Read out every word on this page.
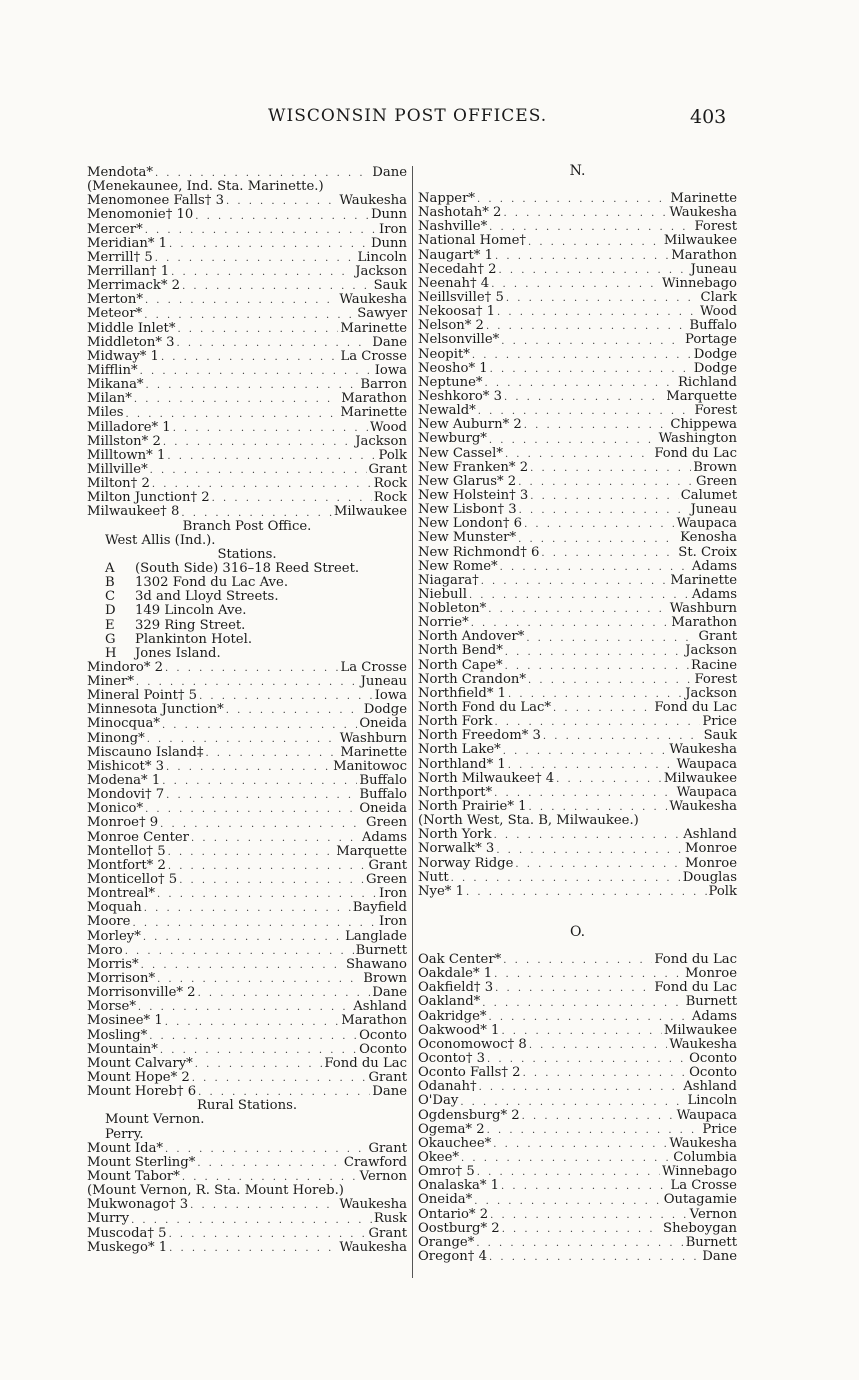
WISCONSIN POST OFFICES.	403
Mendota* . . .	Dane
(Menekaunee, Ind. Sta. Marinette.)
Menomonee Falls† 3 . . .	Waukesha
Menomonie† 10 . . .	Dunn
Mercer* . . .	Iron
Meridian* 1 . . .	Dunn
Merrill† 5 . . .	Lincoln
Merrillan† 1 . . .	Jackson
Merrimack* 2 . . .	Sauk
Merton* . . .	Waukesha
Meteor* . . .	Sawyer
Middle Inlet* . . .	Marinette
Middleton* 3 . . .	Dane
Midway* 1 . . .	La Crosse
Mifflin* . . .	Iowa
Mikana* . . .	Barron
Milan* . . .	Marathon
Miles . . .	Marinette
Milladore* 1 . . .	Wood
Millston* 2 . . .	Jackson
Milltown* 1 . . .	Polk
Millville* . . .	Grant
Milton† 2 . . .	Rock
Milton Junction† 2 . . .	Rock
Milwaukee† 8 . . .	Milwaukee
Branch Post Office.
West Allis (Ind.).
Stations.
A	(South Side) 316–18 Reed Street.
B	1302 Fond du Lac Ave.
C	3d and Lloyd Streets.
D	149 Lincoln Ave.
E	329 Ring Street.
G	Plankinton Hotel.
H	Jones Island.
Mindoro* 2 . . .	La Crosse
Miner* . . .	Juneau
Mineral Point† 5 . . .	Iowa
Minnesota Junction* . . .	Dodge
Minocqua* . . .	Oneida
Minong* . . .	Washburn
Miscauno Island‡ . . .	Marinette
Mishicot* 3 . . .	Manitowoc
Modena* 1 . . .	Buffalo
Mondovi† 7 . . .	Buffalo
Monico* . . .	Oneida
Monroe† 9 . . .	Green
Monroe Center . . .	Adams
Montello† 5 . . .	Marquette
Montfort* 2 . . .	Grant
Monticello† 5 . . .	Green
Montreal* . . .	Iron
Moquah . . .	Bayfield
Moore . . .	Iron
Morley* . . .	Langlade
Moro . . .	Burnett
Morris* . . .	Shawano
Morrison* . . .	Brown
Morrisonville* 2 . . .	Dane
Morse* . . .	Ashland
Mosinee* 1 . . .	Marathon
Mosling* . . .	Oconto
Mountain* . . .	Oconto
Mount Calvary* . . .	Fond du Lac
Mount Hope* 2 . . .	Grant
Mount Horeb† 6 . . .	Dane
Rural Stations.
Mount Vernon.
Perry.
Mount Ida* . . .	Grant
Mount Sterling* . . .	Crawford
Mount Tabor* . . .	Vernon
(Mount Vernon, R. Sta. Mount Horeb.)
Mukwonago† 3 . . .	Waukesha
Murry . . .	Rusk
Muscoda† 5 . . .	Grant
Muskego* 1 . . .	Waukesha
N.
Napper* . . .	Marinette
Nashotah* 2 . . .	Waukesha
Nashville* . . .	Forest
National Home† . . .	Milwaukee
Naugart* 1 . . .	Marathon
Necedah† 2 . . .	Juneau
Neenah† 4 . . .	Winnebago
Neillsville† 5 . . .	Clark
Nekoosa† 1 . . .	Wood
Nelson* 2 . . .	Buffalo
Nelsonville* . . .	Portage
Neopit* . . .	Dodge
Neosho* 1 . . .	Dodge
Neptune* . . .	Richland
Neshkoro* 3 . . .	Marquette
Newald* . . .	Forest
New Auburn* 2 . . .	Chippewa
Newburg* . . .	Washington
New Cassel* . . .	Fond du Lac
New Franken* 2 . . .	Brown
New Glarus* 2 . . .	Green
New Holstein† 3 . . .	Calumet
New Lisbon† 3 . . .	Juneau
New London† 6 . . .	Waupaca
New Munster* . . .	Kenosha
New Richmond† 6 . . .	St. Croix
New Rome* . . .	Adams
Niagara† . . .	Marinette
Niebull . . .	Adams
Nobleton* . . .	Washburn
Norrie* . . .	Marathon
North Andover* . . .	Grant
North Bend* . . .	Jackson
North Cape* . . .	Racine
North Crandon* . . .	Forest
Northfield* 1 . . .	Jackson
North Fond du Lac* . . .	Fond du Lac
North Fork . . .	Price
North Freedom* 3 . . .	Sauk
North Lake* . . .	Waukesha
Northland* 1 . . .	Waupaca
North Milwaukee† 4 . . .	Milwaukee
Northport* . . .	Waupaca
North Prairie* 1 . . .	Waukesha
(North West, Sta. B, Milwaukee.)
North York . . .	Ashland
Norwalk* 3 . . .	Monroe
Norway Ridge . . .	Monroe
Nutt . . .	Douglas
Nye* 1 . . .	Polk
O.
Oak Center* . . .	Fond du Lac
Oakdale* 1 . . .	Monroe
Oakfield† 3 . . .	Fond du Lac
Oakland* . . .	Burnett
Oakridge* . . .	Adams
Oakwood* 1 . . .	Milwaukee
Oconomowoc† 8 . . .	Waukesha
Oconto† 3 . . .	Oconto
Oconto Falls† 2 . . .	Oconto
Odanah† . . .	Ashland
O'Day . . .	Lincoln
Ogdensburg* 2 . . .	Waupaca
Ogema* 2 . . .	Price
Okauchee* . . .	Waukesha
Okee* . . .	Columbia
Omro† 5 . . .	Winnebago
Onalaska* 1 . . .	La Crosse
Oneida* . . .	Outagamie
Ontario* 2 . . .	Vernon
Oostburg* 2 . . .	Sheboygan
Orange* . . .	Burnett
Oregon† 4 . . .	Dane
